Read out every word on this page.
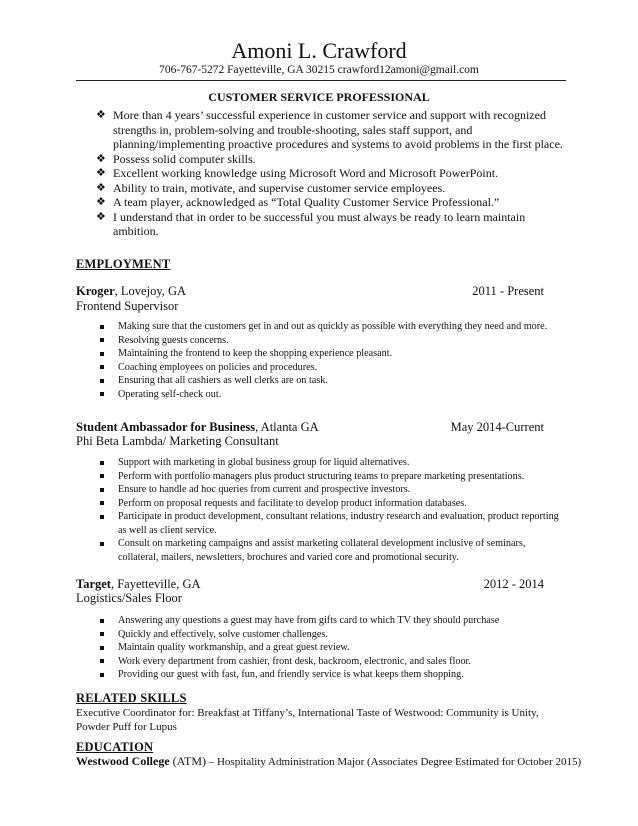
Amoni L. Crawford
706-767-5272 Fayetteville, GA 30215 crawford12amoni@gmail.com
CUSTOMER SERVICE PROFESSIONAL
❖ More than 4 years’ successful experience in customer service and support with recognized strengths in, problem-solving and trouble-shooting, sales staff support, and planning/implementing proactive procedures and systems to avoid problems in the first place.
❖ Possess solid computer skills.
❖ Excellent working knowledge using Microsoft Word and Microsoft PowerPoint.
❖ Ability to train, motivate, and supervise customer service employees.
❖ A team player, acknowledged as “Total Quality Customer Service Professional.”
❖ I understand that in order to be successful you must always be ready to learn maintain ambition.
EMPLOYMENT
Kroger, Lovejoy, GA	2011 - Present
Frontend Supervisor
Making sure that the customers get in and out as quickly as possible with everything they need and more.
Resolving guests concerns.
Maintaining the frontend to keep the shopping experience pleasant.
Coaching employees on policies and procedures.
Ensuring that all cashiers as well clerks are on task.
Operating self-check out.
Student Ambassador for Business, Atlanta GA	May 2014-Current
Phi Beta Lambda/ Marketing Consultant
Support with marketing in global business group for liquid alternatives.
Perform with portfolio managers plus product structuring teams to prepare marketing presentations.
Ensure to handle ad hoc queries from current and prospective investors.
Perform on proposal requests and facilitate to develop product information databases.
Participate in product development, consultant relations, industry research and evaluation, product reporting as well as client service.
Consult on marketing campaigns and assist marketing collateral development inclusive of seminars, collateral, mailers, newsletters, brochures and varied core and promotional security.
Target, Fayetteville, GA	2012 - 2014
Logistics/Sales Floor
Answering any questions a guest may have from gifts card to which TV they should purchase
Quickly and effectively, solve customer challenges.
Maintain quality workmanship, and a great guest review.
Work every department from cashier, front desk, backroom, electronic, and sales floor.
Providing our guest with fast, fun, and friendly service is what keeps them shopping.
RELATED SKILLS
Executive Coordinator for: Breakfast at Tiffany’s, International Taste of Westwood: Community is Unity, Powder Puff for Lupus
EDUCATION
Westwood College (ATM) – Hospitality Administration Major (Associates Degree Estimated for October 2015)
